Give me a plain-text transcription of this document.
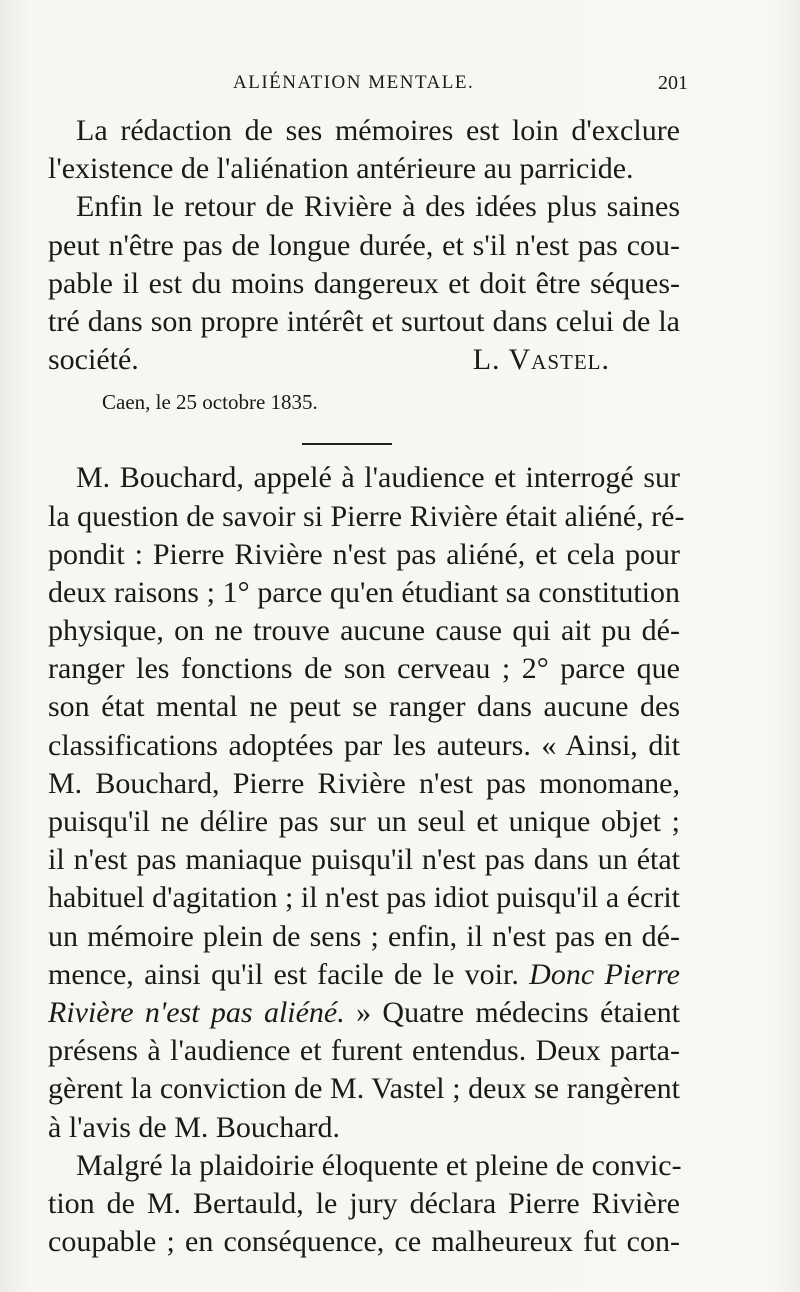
ALIÉNATION MENTALE.	201
La rédaction de ses mémoires est loin d'exclure
l'existence de l'aliénation antérieure au parricide.
Enfin le retour de Rivière à des idées plus saines
peut n'être pas de longue durée, et s'il n'est pas cou-
pable il est du moins dangereux et doit être séques-
tré dans son propre intérêt et surtout dans celui de la
société.	L. Vastel.
Caen, le 25 octobre 1835.
M. Bouchard, appelé à l'audience et interrogé sur
la question de savoir si Pierre Rivière était aliéné, ré-
pondit : Pierre Rivière n'est pas aliéné, et cela pour
deux raisons ; 1° parce qu'en étudiant sa constitution
physique, on ne trouve aucune cause qui ait pu dé-
ranger les fonctions de son cerveau ; 2° parce que
son état mental ne peut se ranger dans aucune des
classifications adoptées par les auteurs. « Ainsi, dit
M. Bouchard, Pierre Rivière n'est pas monomane,
puisqu'il ne délire pas sur un seul et unique objet ;
il n'est pas maniaque puisqu'il n'est pas dans un état
habituel d'agitation ; il n'est pas idiot puisqu'il a écrit
un mémoire plein de sens ; enfin, il n'est pas en dé-
mence, ainsi qu'il est facile de le voir. Donc Pierre
Rivière n'est pas aliéné. » Quatre médecins étaient
présens à l'audience et furent entendus. Deux parta-
gèrent la conviction de M. Vastel ; deux se rangèrent
à l'avis de M. Bouchard.
Malgré la plaidoirie éloquente et pleine de convic-
tion de M. Bertauld, le jury déclara Pierre Rivière
coupable ; en conséquence, ce malheureux fut con-
